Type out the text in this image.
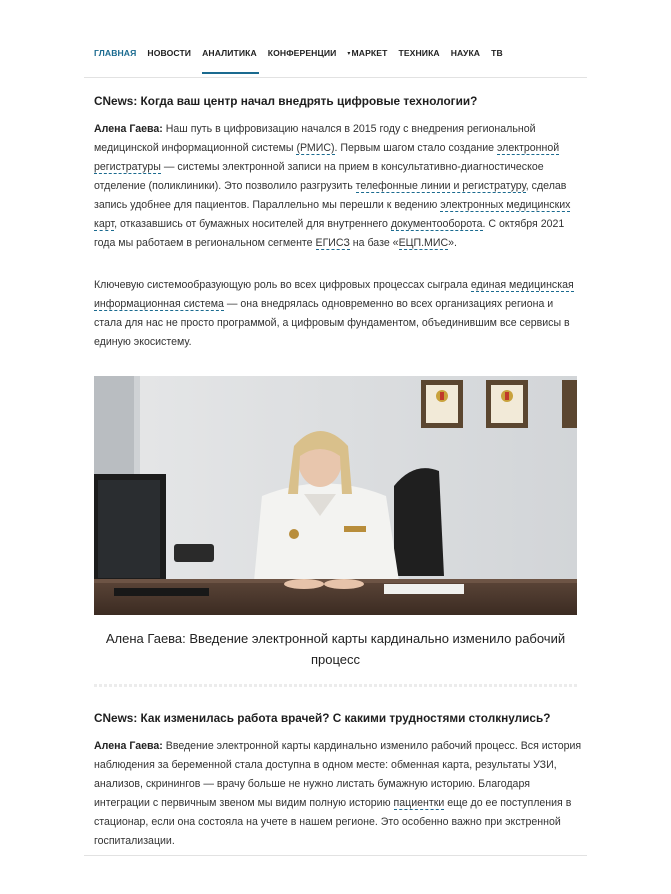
ГЛАВНАЯ НОВОСТИ АНАЛИТИКА КОНФЕРЕНЦИИ ▾МАРКЕТ ТЕХНИКА НАУКА ТВ
CNews: Когда ваш центр начал внедрять цифровые технологии?
Алена Гаева: Наш путь в цифровизацию начался в 2015 году с внедрения региональной медицинской информационной системы (РМИС). Первым шагом стало создание электронной регистратуры — системы электронной записи на прием в консультативно-диагностическое отделение (поликлиники). Это позволило разгрузить телефонные линии и регистратуру, сделав запись удобнее для пациентов. Параллельно мы перешли к ведению электронных медицинских карт, отказавшись от бумажных носителей для внутреннего документооборота. С октября 2021 года мы работаем в региональном сегменте ЕГИСЗ на базе «ЕЦП.МИС».
Ключевую системообразующую роль во всех цифровых процессах сыграла единая медицинская информационная система — она внедрялась одновременно во всех организациях региона и стала для нас не просто программой, а цифровым фундаментом, объединившим все сервисы в единую экосистему.
Алена Гаева: Введение электронной карты кардинально изменило рабочий процесс
CNews: Как изменилась работа врачей? С какими трудностями столкнулись?
Алена Гаева: Введение электронной карты кардинально изменило рабочий процесс. Вся история наблюдения за беременной стала доступна в одном месте: обменная карта, результаты УЗИ, анализов, скринингов — врачу больше не нужно листать бумажную историю. Благодаря интеграции с первичным звеном мы видим полную историю пациентки еще до ее поступления в стационар, если она состояла на учете в нашем регионе. Это особенно важно при экстренной госпитализации.
